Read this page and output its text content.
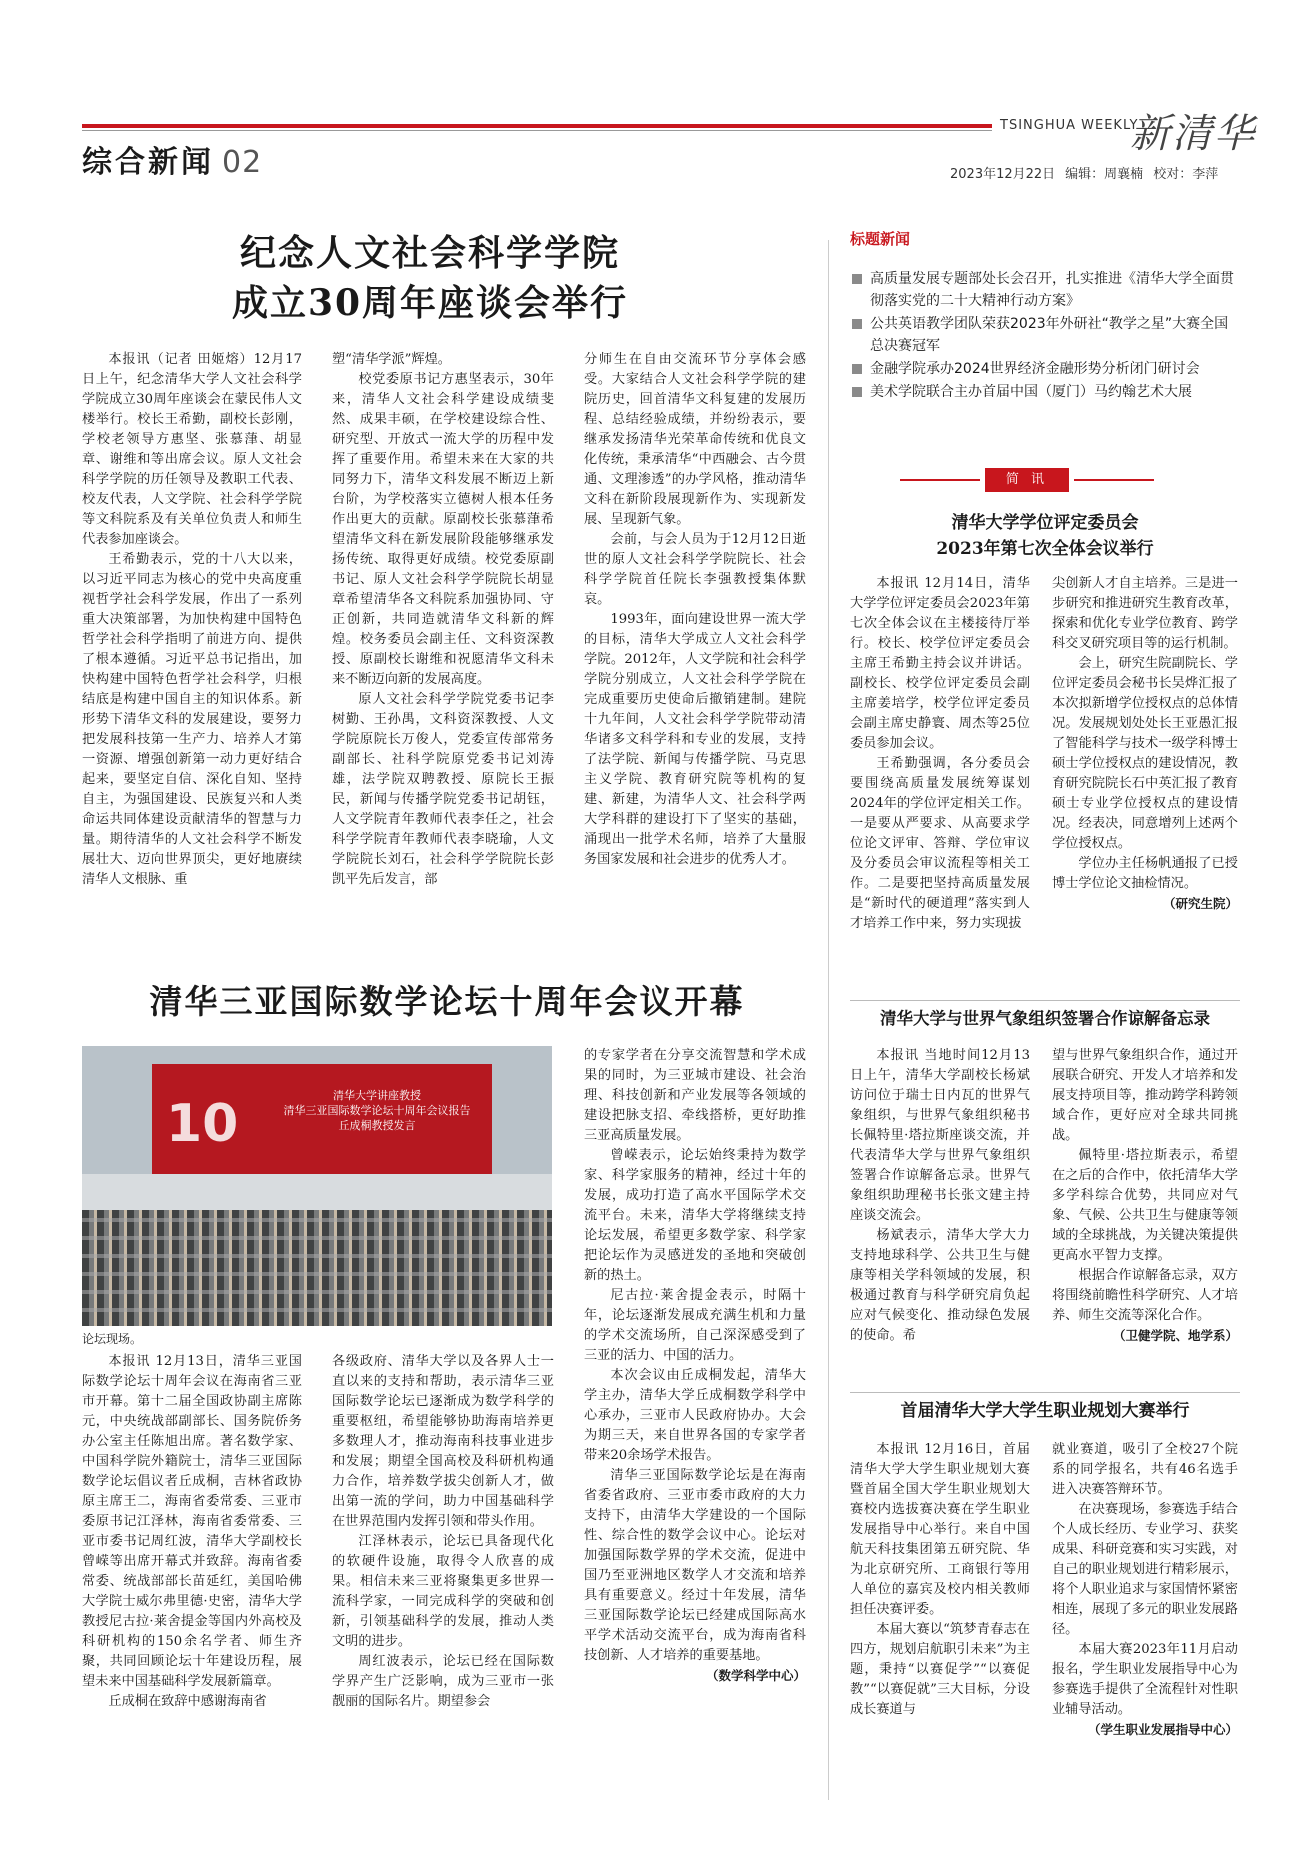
综合新闻 02
TSINGHUA WEEKLY
新清华
2023年12月22日 编辑：周襄楠 校对：李萍
纪念人文社会科学学院
成立30周年座谈会举行

本报讯（记者 田姬熔）12月17日上午，纪念清华大学人文社会科学学院成立30周年座谈会在蒙民伟人文楼举行。校长王希勤，副校长彭刚，学校老领导方惠坚、张慕葏、胡显章、谢维和等出席会议。原人文社会科学学院的历任领导及教职工代表、校友代表，人文学院、社会科学学院等文科院系及有关单位负责人和师生代表参加座谈会。

王希勤表示，党的十八大以来，以习近平同志为核心的党中央高度重视哲学社会科学发展，作出了一系列重大决策部署，为加快构建中国特色哲学社会科学指明了前进方向、提供了根本遵循。习近平总书记指出，加快构建中国特色哲学社会科学，归根结底是构建中国自主的知识体系。新形势下清华文科的发展建设，要努力把发展科技第一生产力、培养人才第一资源、增强创新第一动力更好结合起来，要坚定自信、深化自知、坚持自主，为强国建设、民族复兴和人类命运共同体建设贡献清华的智慧与力量。期待清华的人文社会科学不断发展壮大、迈向世界顶尖，更好地赓续清华人文根脉、重

塑“清华学派”辉煌。

校党委原书记方惠坚表示，30年来，清华人文社会科学建设成绩斐然、成果丰硕，在学校建设综合性、研究型、开放式一流大学的历程中发挥了重要作用。希望未来在大家的共同努力下，清华文科发展不断迈上新台阶，为学校落实立德树人根本任务作出更大的贡献。原副校长张慕葏希望清华文科在新发展阶段能够继承发扬传统、取得更好成绩。校党委原副书记、原人文社会科学学院院长胡显章希望清华各文科院系加强协同、守正创新，共同造就清华文科新的辉煌。校务委员会副主任、文科资深教授、原副校长谢维和祝愿清华文科未来不断迈向新的发展高度。

原人文社会科学学院党委书记李树勤、王孙禺，文科资深教授、人文学院原院长万俊人，党委宣传部常务副部长、社科学院原党委书记刘涛雄，法学院双聘教授、原院长王振民，新闻与传播学院党委书记胡钰，人文学院青年教师代表李任之，社会科学学院青年教师代表李晓瑜，人文学院院长刘石，社会科学学院院长彭凯平先后发言，部

分师生在自由交流环节分享体会感受。大家结合人文社会科学学院的建院历史，回首清华文科复建的发展历程、总结经验成绩，并纷纷表示，要继承发扬清华光荣革命传统和优良文化传统，秉承清华“中西融会、古今贯通、文理渗透”的办学风格，推动清华文科在新阶段展现新作为、实现新发展、呈现新气象。

会前，与会人员为于12月12日逝世的原人文社会科学学院院长、社会科学学院首任院长李强教授集体默哀。

1993年，面向建设世界一流大学的目标，清华大学成立人文社会科学学院。2012年，人文学院和社会科学学院分别成立，人文社会科学学院在完成重要历史使命后撤销建制。建院十九年间，人文社会科学学院带动清华诸多文科学科和专业的发展，支持了法学院、新闻与传播学院、马克思主义学院、教育研究院等机构的复建、新建，为清华人文、社会科学两大学科群的建设打下了坚实的基础，涌现出一批学术名师，培养了大量服务国家发展和社会进步的优秀人才。

标题新闻
高质量发展专题部处长会召开，扎实推进《清华大学全面贯彻落实党的二十大精神行动方案》
公共英语教学团队荣获2023年外研社“教学之星”大赛全国总决赛冠军
金融学院承办2024世界经济金融形势分析闭门研讨会
美术学院联合主办首届中国（厦门）马约翰艺术大展
简 讯
清华大学学位评定委员会
2023年第七次全体会议举行

本报讯 12月14日，清华大学学位评定委员会2023年第七次全体会议在主楼接待厅举行。校长、校学位评定委员会主席王希勤主持会议并讲话。副校长、校学位评定委员会副主席姜培学，校学位评定委员会副主席史静寰、周杰等25位委员参加会议。

王希勤强调，各分委员会要围绕高质量发展统筹谋划2024年的学位评定相关工作。一是要从严要求、从高要求学位论文评审、答辩、学位审议及分委员会审议流程等相关工作。二是要把坚持高质量发展是“新时代的硬道理”落实到人才培养工作中来，努力实现拔

尖创新人才自主培养。三是进一步研究和推进研究生教育改革，探索和优化专业学位教育、跨学科交叉研究项目等的运行机制。

会上，研究生院副院长、学位评定委员会秘书长吴烨汇报了本次拟新增学位授权点的总体情况。发展规划处处长王亚愚汇报了智能科学与技术一级学科博士硕士学位授权点的建设情况，教育研究院院长石中英汇报了教育硕士专业学位授权点的建设情况。经表决，同意增列上述两个学位授权点。

学位办主任杨帆通报了已授博士学位论文抽检情况。

（研究生院）
清华大学与世界气象组织签署合作谅解备忘录

本报讯 当地时间12月13日上午，清华大学副校长杨斌访问位于瑞士日内瓦的世界气象组织，与世界气象组织秘书长佩特里·塔拉斯座谈交流，并代表清华大学与世界气象组织签署合作谅解备忘录。世界气象组织助理秘书长张文建主持座谈交流会。

杨斌表示，清华大学大力支持地球科学、公共卫生与健康等相关学科领域的发展，积极通过教育与科学研究肩负起应对气候变化、推动绿色发展的使命。希

望与世界气象组织合作，通过开展联合研究、开发人才培养和发展支持项目等，推动跨学科跨领域合作，更好应对全球共同挑战。

佩特里·塔拉斯表示，希望在之后的合作中，依托清华大学多学科综合优势，共同应对气象、气候、公共卫生与健康等领域的全球挑战，为关键决策提供更高水平智力支撑。

根据合作谅解备忘录，双方将围绕前瞻性科学研究、人才培养、师生交流等深化合作。

（卫健学院、地学系）
首届清华大学大学生职业规划大赛举行

本报讯 12月16日，首届清华大学大学生职业规划大赛暨首届全国大学生职业规划大赛校内选拔赛决赛在学生职业发展指导中心举行。来自中国航天科技集团第五研究院、华为北京研究所、工商银行等用人单位的嘉宾及校内相关教师担任决赛评委。

本届大赛以“筑梦青春志在四方，规划启航职引未来”为主题，秉持“以赛促学”“以赛促教”“以赛促就”三大目标，分设成长赛道与

就业赛道，吸引了全校27个院系的同学报名，共有46名选手进入决赛答辩环节。

在决赛现场，参赛选手结合个人成长经历、专业学习、获奖成果、科研竞赛和实习实践，对自己的职业规划进行精彩展示，将个人职业追求与家国情怀紧密相连，展现了多元的职业发展路径。

本届大赛2023年11月启动报名，学生职业发展指导中心为参赛选手提供了全流程针对性职业辅导活动。

（学生职业发展指导中心）
清华三亚国际数学论坛十周年会议开幕
10	清华大学讲座教授
清华三亚国际数学论坛十周年会议报告
丘成桐教授发言
论坛现场。

本报讯 12月13日，清华三亚国际数学论坛十周年会议在海南省三亚市开幕。第十二届全国政协副主席陈元，中央统战部副部长、国务院侨务办公室主任陈旭出席。著名数学家、中国科学院外籍院士，清华三亚国际数学论坛倡议者丘成桐，吉林省政协原主席王二，海南省委常委、三亚市委原书记江泽林，海南省委常委、三亚市委书记周红波，清华大学副校长曾嵘等出席开幕式并致辞。海南省委常委、统战部部长苗延红，美国哈佛大学院士威尔弗里德·史密，清华大学教授尼古拉·莱舍提金等国内外高校及科研机构的150余名学者、师生齐聚，共同回顾论坛十年建设历程，展望未来中国基础科学发展新篇章。

丘成桐在致辞中感谢海南省

各级政府、清华大学以及各界人士一直以来的支持和帮助，表示清华三亚国际数学论坛已逐渐成为数学科学的重要枢纽，希望能够协助海南培养更多数理人才，推动海南科技事业进步和发展；期望全国高校及科研机构通力合作，培养数学拔尖创新人才，做出第一流的学问，助力中国基础科学在世界范围内发挥引领和带头作用。

江泽林表示，论坛已具备现代化的软硬件设施，取得令人欣喜的成果。相信未来三亚将聚集更多世界一流科学家，一同完成科学的突破和创新，引领基础科学的发展，推动人类文明的进步。

周红波表示，论坛已经在国际数学界产生广泛影响，成为三亚市一张靓丽的国际名片。期望参会

的专家学者在分享交流智慧和学术成果的同时，为三亚城市建设、社会治理、科技创新和产业发展等各领域的建设把脉支招、牵线搭桥，更好助推三亚高质量发展。

曾嵘表示，论坛始终秉持为数学家、科学家服务的精神，经过十年的发展，成功打造了高水平国际学术交流平台。未来，清华大学将继续支持论坛发展，希望更多数学家、科学家把论坛作为灵感迸发的圣地和突破创新的热土。

尼古拉·莱舍提金表示，时隔十年，论坛逐渐发展成充满生机和力量的学术交流场所，自己深深感受到了三亚的活力、中国的活力。

本次会议由丘成桐发起，清华大学主办，清华大学丘成桐数学科学中心承办，三亚市人民政府协办。大会为期三天，来自世界各国的专家学者带来20余场学术报告。

清华三亚国际数学论坛是在海南省委省政府、三亚市委市政府的大力支持下，由清华大学建设的一个国际性、综合性的数学会议中心。论坛对加强国际数学界的学术交流，促进中国乃至亚洲地区数学人才交流和培养具有重要意义。经过十年发展，清华三亚国际数学论坛已经建成国际高水平学术活动交流平台，成为海南省科技创新、人才培养的重要基地。

（数学科学中心）
